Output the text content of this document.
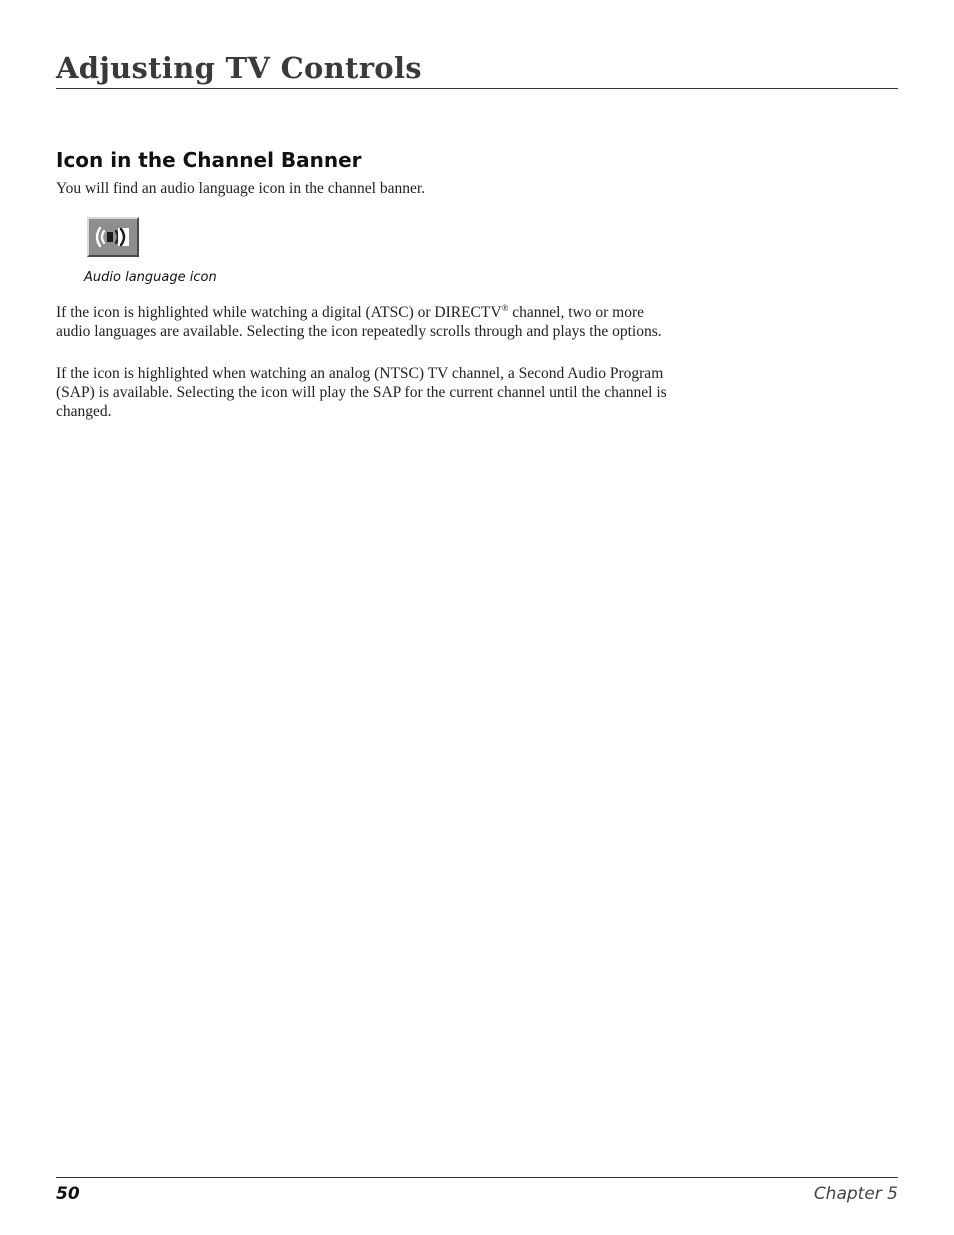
Adjusting TV Controls
Icon in the Channel Banner

You will find an audio language icon in the channel banner.

Audio language icon

If the icon is highlighted while watching a digital (ATSC) or DIRECTV® channel, two or more audio languages are available. Selecting the icon repeatedly scrolls through and plays the options.

If the icon is highlighted when watching an analog (NTSC) TV channel, a Second Audio Program (SAP) is available. Selecting the icon will play the SAP for the current channel until the channel is changed.

50	Chapter 5
